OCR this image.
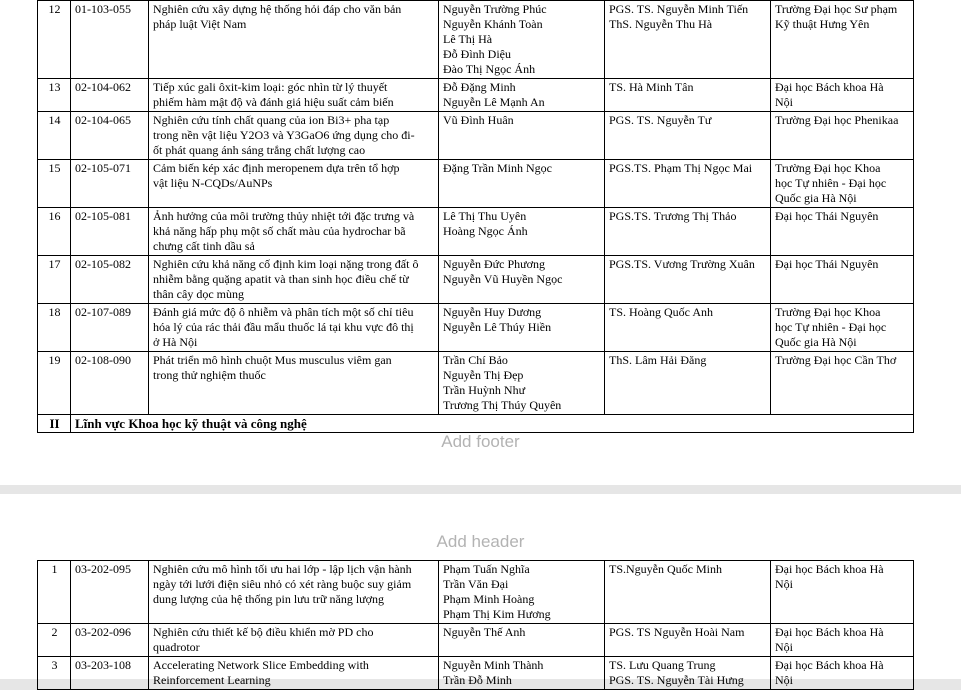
12	01-103-055	Nghiên cứu xây dựng hệ thống hỏi đáp cho văn bản
pháp luật Việt Nam	Nguyễn Trường Phúc
Nguyễn Khánh Toàn
Lê Thị Hà
Đỗ Đình Diệu
Đào Thị Ngọc Ánh	PGS. TS. Nguyễn Minh Tiến
ThS. Nguyễn Thu Hà	Trường Đại học Sư phạm
Kỹ thuật Hưng Yên

13	02-104-062	Tiếp xúc gali ôxit-kim loại: góc nhìn từ lý thuyết
phiếm hàm mật độ và đánh giá hiệu suất cảm biến	Đỗ Đặng Minh
Nguyễn Lê Mạnh An	TS. Hà Minh Tân	Đại học Bách khoa Hà
Nội

14	02-104-065	Nghiên cứu tính chất quang của ion Bi3+ pha tạp
trong nền vật liệu Y2O3 và Y3GaO6 ứng dụng cho đi-
ốt phát quang ánh sáng trắng chất lượng cao	Vũ Đình Huân	PGS. TS. Nguyễn Tư	Trường Đại học Phenikaa

15	02-105-071	Cảm biến kép xác định meropenem dựa trên tổ hợp
vật liệu N-CQDs/AuNPs	Đặng Trần Minh Ngọc	PGS.TS. Phạm Thị Ngọc Mai	Trường Đại học Khoa
học Tự nhiên - Đại học
Quốc gia Hà Nội

16	02-105-081	Ảnh hưởng của môi trường thủy nhiệt tới đặc trưng và
khả năng hấp phụ một số chất màu của hydrochar bã
chưng cất tinh dầu sả	Lê Thị Thu Uyên
Hoàng Ngọc Ánh	PGS.TS. Trương Thị Thảo	Đại học Thái Nguyên

17	02-105-082	Nghiên cứu khả năng cố định kim loại nặng trong đất ô
nhiễm bằng quặng apatit và than sinh học điều chế từ
thân cây dọc mùng	Nguyễn Đức Phương
Nguyễn Vũ Huyền Ngọc	PGS.TS. Vương Trường Xuân	Đại học Thái Nguyên

18	02-107-089	Đánh giá mức độ ô nhiễm và phân tích một số chỉ tiêu
hóa lý của rác thải đầu mẩu thuốc lá tại khu vực đô thị
ở Hà Nội	Nguyễn Huy Dương
Nguyễn Lê Thúy Hiền	TS. Hoàng Quốc Anh	Trường Đại học Khoa
học Tự nhiên - Đại học
Quốc gia Hà Nội

19	02-108-090	Phát triển mô hình chuột Mus musculus viêm gan
trong thử nghiệm thuốc	Trần Chí Bảo
Nguyễn Thị Đẹp
Trần Huỳnh Như
Trương Thị Thúy Quyên	ThS. Lâm Hải Đăng	Trường Đại học Cần Thơ

II	Lĩnh vực Khoa học kỹ thuật và công nghệ				
Add footer
Add header
1	03-202-095	Nghiên cứu mô hình tối ưu hai lớp - lập lịch vận hành
ngày tới lưới điện siêu nhỏ có xét ràng buộc suy giảm
dung lượng của hệ thống pin lưu trữ năng lượng	Phạm Tuấn Nghĩa
Trần Văn Đại
Phạm Minh Hoàng
Phạm Thị Kim Hương	TS.Nguyễn Quốc Minh	Đại học Bách khoa Hà
Nội

2	03-202-096	Nghiên cứu thiết kế bộ điều khiển mờ PD cho
quadrotor	Nguyễn Thế Anh	PGS. TS Nguyễn Hoài Nam	Đại học Bách khoa Hà
Nội

3	03-203-108	Accelerating Network Slice Embedding with
Reinforcement Learning	Nguyễn Minh Thành
Trần Đỗ Minh	TS. Lưu Quang Trung
PGS. TS. Nguyễn Tài Hưng	Đại học Bách khoa Hà
Nội
